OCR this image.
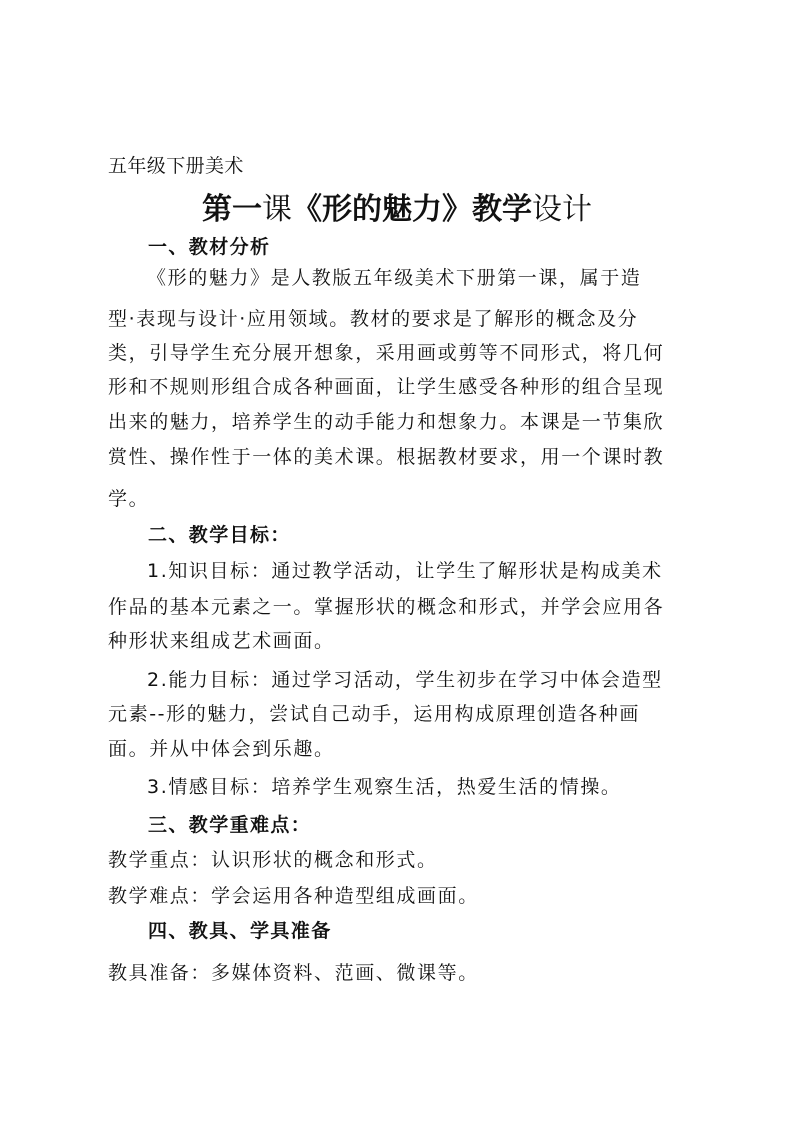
五年级下册美术
第一课《形的魅力》教学设计
一、教材分析
《形的魅力》是人教版五年级美术下册第一课，属于造
型·表现与设计·应用领域。教材的要求是了解形的概念及分
类，引导学生充分展开想象，采用画或剪等不同形式，将几何
形和不规则形组合成各种画面，让学生感受各种形的组合呈现
出来的魅力，培养学生的动手能力和想象力。本课是一节集欣
赏性、操作性于一体的美术课。根据教材要求，用一个课时教
学。
二、教学目标：
1.知识目标：通过教学活动，让学生了解形状是构成美术
作品的基本元素之一。掌握形状的概念和形式，并学会应用各
种形状来组成艺术画面。
2.能力目标：通过学习活动，学生初步在学习中体会造型
元素--形的魅力，尝试自己动手，运用构成原理创造各种画
面。并从中体会到乐趣。
3.情感目标：培养学生观察生活，热爱生活的情操。
三、教学重难点：
教学重点：认识形状的概念和形式。
教学难点：学会运用各种造型组成画面。
四、教具、学具准备
教具准备：多媒体资料、范画、微课等。
